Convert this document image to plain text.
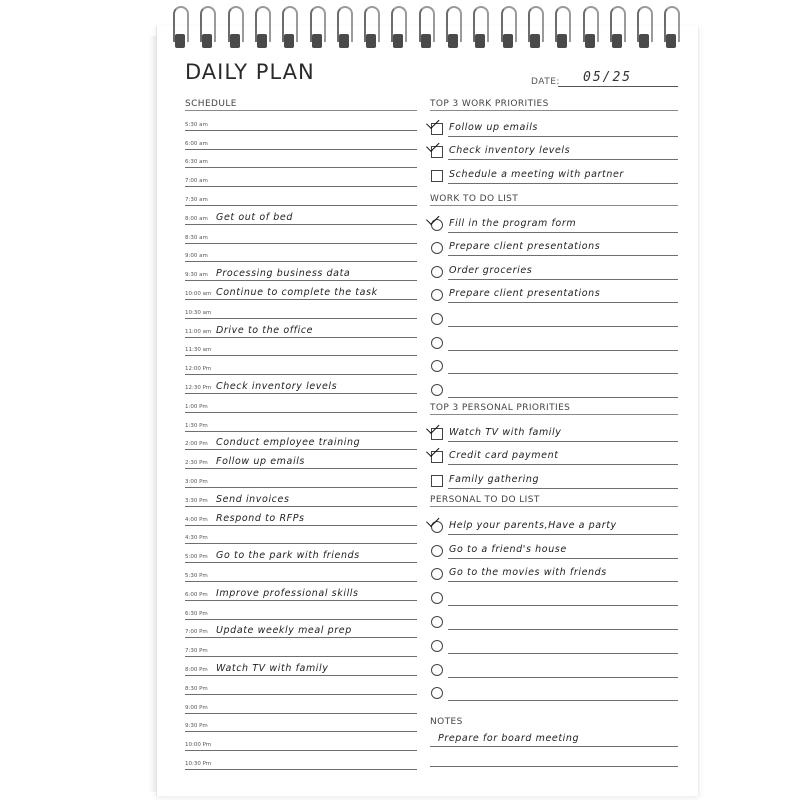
DAILY PLAN	DATE: 05/25
SCHEDULE
5:30 am
6:00 am
6:30 am
7:00 am
7:30 am
8:00 am Get out of bed
8:30 am
9:00 am
9:30 am Processing business data
10:00 am Continue to complete the task
10:30 am
11:00 am Drive to the office
11:30 am
12:00 Pm
12:30 Pm Check inventory levels
1:00 Pm
1:30 Pm
2:00 Pm Conduct employee training
2:30 Pm Follow up emails
3:00 Pm
3:30 Pm Send invoices
4:00 Pm Respond to RFPs
4:30 Pm
5:00 Pm Go to the park with friends
5:30 Pm
6:00 Pm Improve professional skills
6:30 Pm
7:00 Pm Update weekly meal prep
7:30 Pm
8:00 Pm Watch TV with family
8:30 Pm
9:00 Pm
9:30 Pm
10:00 Pm
10:30 Pm
TOP 3 WORK PRIORITIES
Follow up emails
Check inventory levels
Schedule a meeting with partner
WORK TO DO LIST
Fill in the program form
Prepare client presentations
Order groceries
Prepare client presentations
TOP 3 PERSONAL PRIORITIES
Watch TV with family
Credit card payment
Family gathering
PERSONAL TO DO LIST
Help your parents,Have a party
Go to a friend's house
Go to the movies with friends
NOTES
Prepare for board meeting
